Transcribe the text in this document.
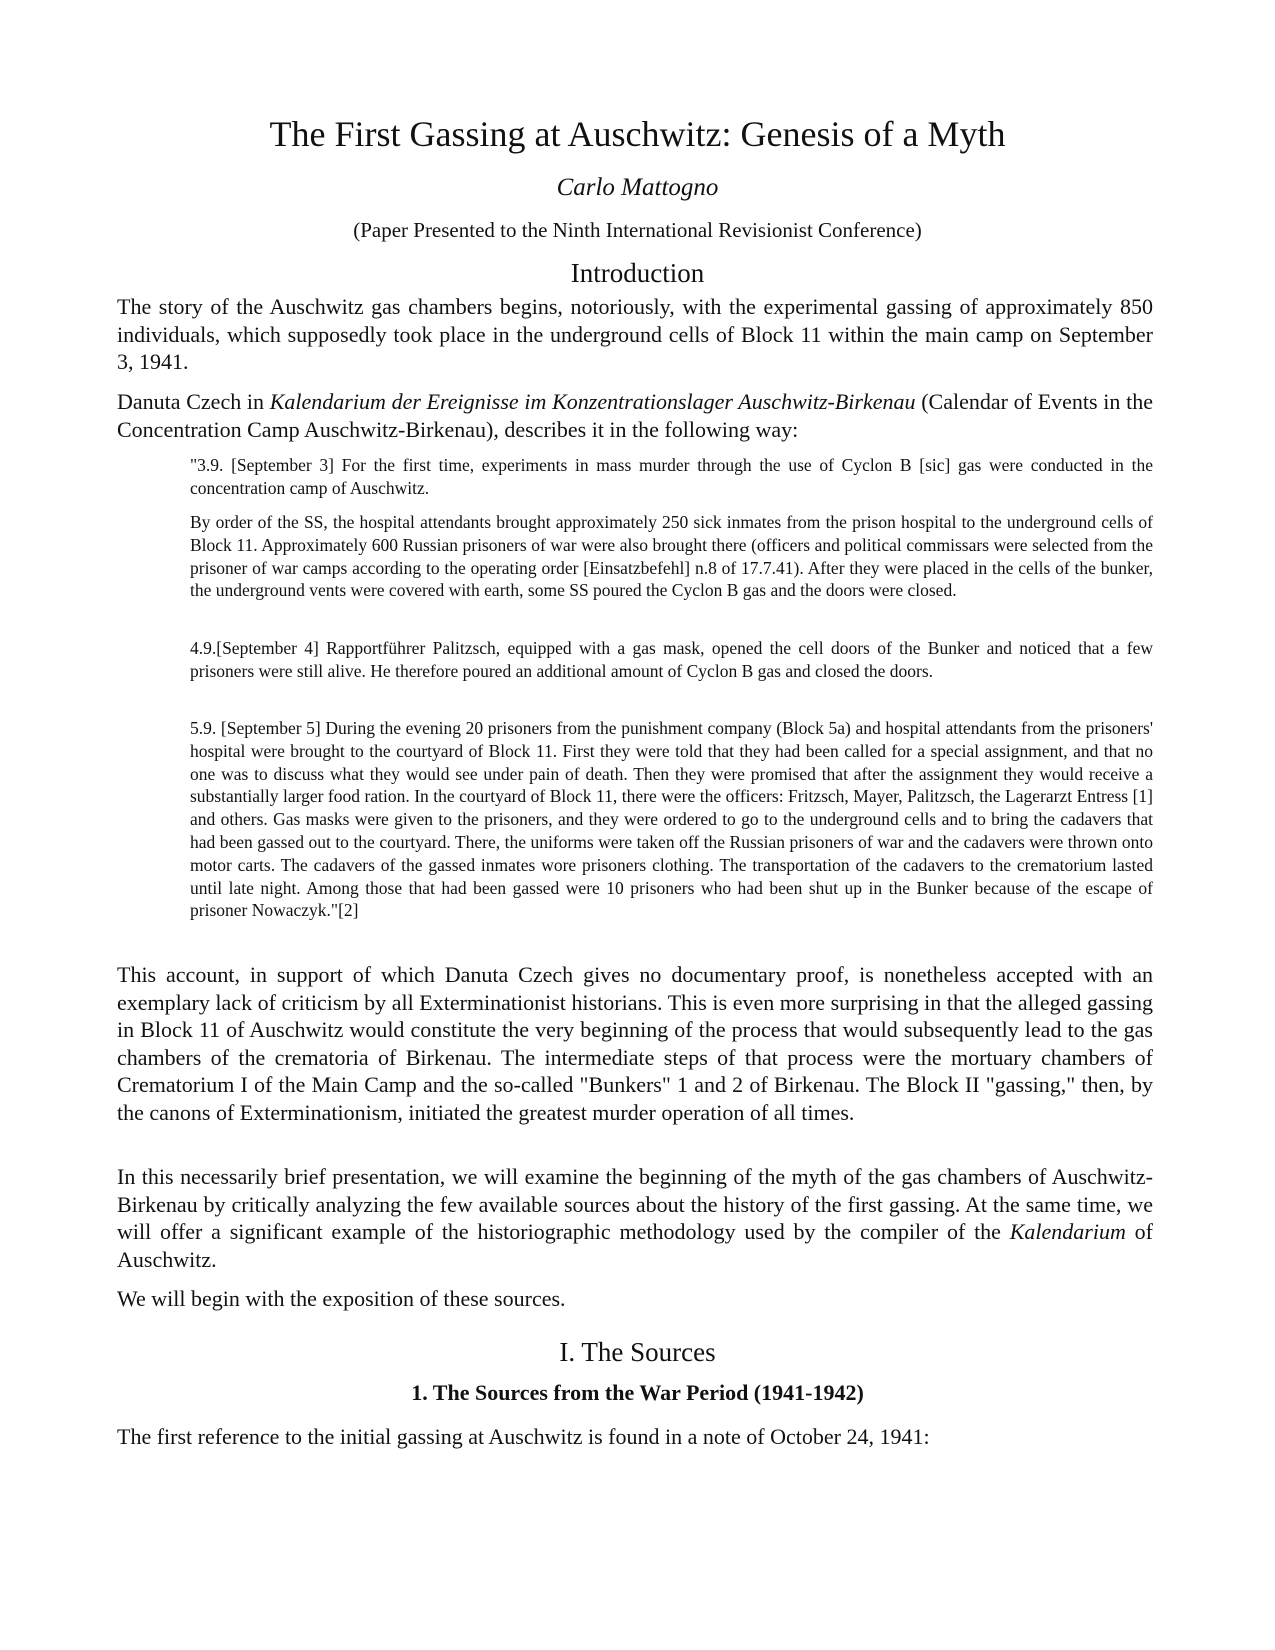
The First Gassing at Auschwitz: Genesis of a Myth
Carlo Mattogno
(Paper Presented to the Ninth International Revisionist Conference)
Introduction

The story of the Auschwitz gas chambers begins, notoriously, with the experimental gassing of approximately 850 individuals, which supposedly took place in the underground cells of Block 11 within the main camp on September 3, 1941.

Danuta Czech in Kalendarium der Ereignisse im Konzentrationslager Auschwitz-Birkenau (Calendar of Events in the Concentration Camp Auschwitz-Birkenau), describes it in the following way:

"3.9. [September 3] For the first time, experiments in mass murder through the use of Cyclon B [sic] gas were conducted in the concentration camp of Auschwitz.

By order of the SS, the hospital attendants brought approximately 250 sick inmates from the prison hospital to the underground cells of Block 11. Approximately 600 Russian prisoners of war were also brought there (officers and political commissars were selected from the prisoner of war camps according to the operating order [Einsatzbefehl] n.8 of 17.7.41). After they were placed in the cells of the bunker, the underground vents were covered with earth, some SS poured the Cyclon B gas and the doors were closed.

4.9.[September 4] Rapportführer Palitzsch, equipped with a gas mask, opened the cell doors of the Bunker and noticed that a few prisoners were still alive. He therefore poured an additional amount of Cyclon B gas and closed the doors.

5.9. [September 5] During the evening 20 prisoners from the punishment company (Block 5a) and hospital attendants from the prisoners' hospital were brought to the courtyard of Block 11. First they were told that they had been called for a special assignment, and that no one was to discuss what they would see under pain of death. Then they were promised that after the assignment they would receive a substantially larger food ration. In the courtyard of Block 11, there were the officers: Fritzsch, Mayer, Palitzsch, the Lagerarzt Entress [1] and others. Gas masks were given to the prisoners, and they were ordered to go to the underground cells and to bring the cadavers that had been gassed out to the courtyard. There, the uniforms were taken off the Russian prisoners of war and the cadavers were thrown onto motor carts. The cadavers of the gassed inmates wore prisoners clothing. The transportation of the cadavers to the crematorium lasted until late night. Among those that had been gassed were 10 prisoners who had been shut up in the Bunker because of the escape of prisoner Nowaczyk."[2]

This account, in support of which Danuta Czech gives no documentary proof, is nonetheless accepted with an exemplary lack of criticism by all Exterminationist historians. This is even more surprising in that the alleged gassing in Block 11 of Auschwitz would constitute the very beginning of the process that would subsequently lead to the gas chambers of the crematoria of Birkenau. The intermediate steps of that process were the mortuary chambers of Crematorium I of the Main Camp and the so-called "Bunkers" 1 and 2 of Birkenau. The Block II "gassing," then, by the canons of Exterminationism, initiated the greatest murder operation of all times.

In this necessarily brief presentation, we will examine the beginning of the myth of the gas chambers of Auschwitz-Birkenau by critically analyzing the few available sources about the history of the first gassing. At the same time, we will offer a significant example of the historiographic methodology used by the compiler of the Kalendarium of Auschwitz.

We will begin with the exposition of these sources.

I. The Sources
1. The Sources from the War Period (1941-1942)

The first reference to the initial gassing at Auschwitz is found in a note of October 24, 1941:
